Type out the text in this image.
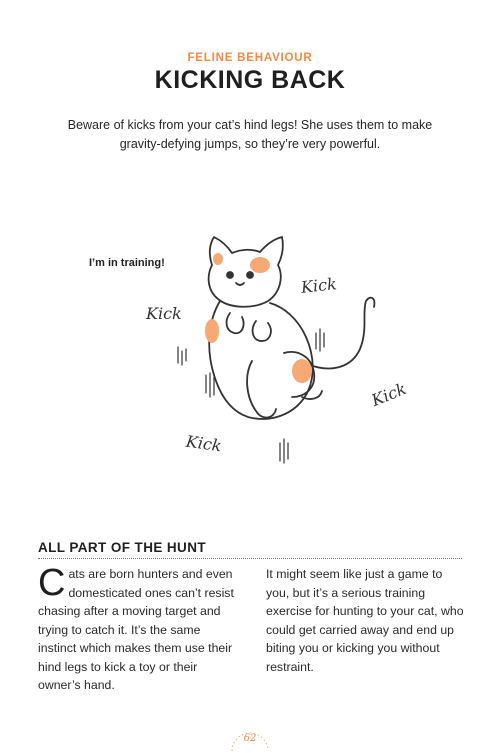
FELINE BEHAVIOUR
KICKING BACK

Beware of kicks from your cat’s hind legs! She uses them to make gravity-defying jumps, so they’re very powerful.

I’m in training!
Kick
Kick
Kick
Kick
ALL PART OF THE HUNT

Cats are born hunters and even domesticated ones can’t resist chasing after a moving target and trying to catch it. It’s the same instinct which makes them use their hind legs to kick a toy or their owner’s hand.

It might seem like just a game to you, but it’s a serious training exercise for hunting to your cat, who could get carried away and end up biting you or kicking you without restraint.

62
